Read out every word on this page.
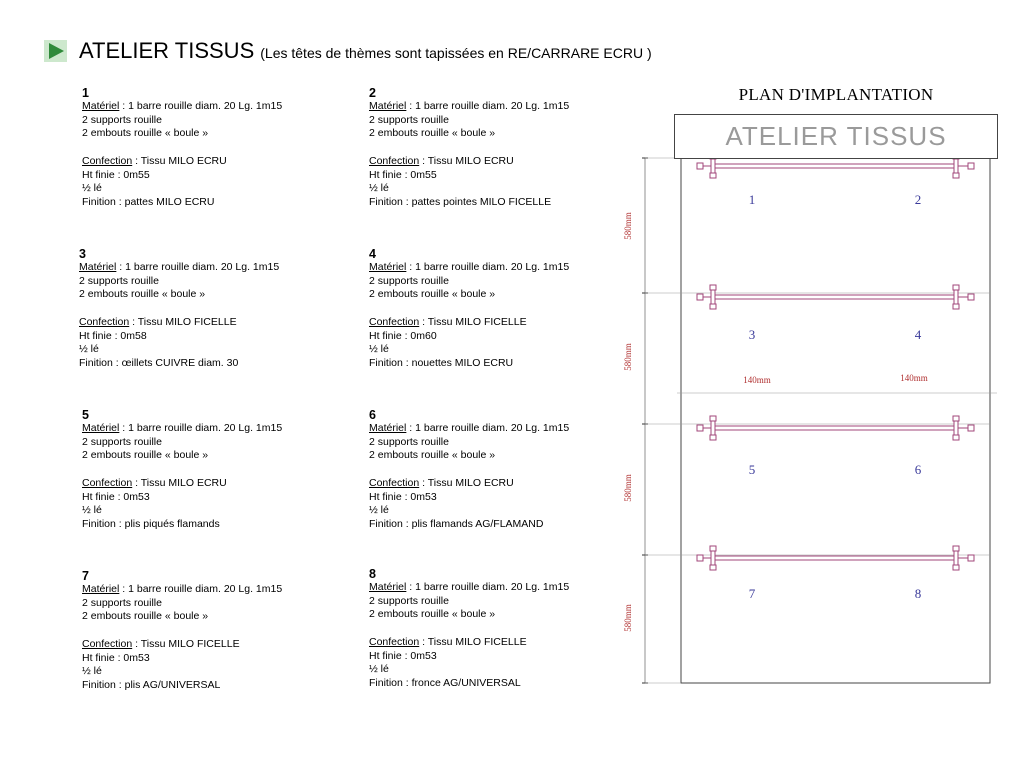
ATELIER TISSUS (Les têtes de thèmes sont tapissées en RE/CARRARE ECRU )
1
Matériel : 1 barre rouille diam. 20 Lg. 1m15
2 supports rouille
2 embouts rouille « boule »
Confection : Tissu MILO ECRU
Ht finie : 0m55
½ lé
Finition : pattes MILO ECRU
2
Matériel : 1 barre rouille diam. 20 Lg. 1m15
2 supports rouille
2 embouts rouille « boule »
Confection : Tissu MILO ECRU
Ht finie : 0m55
½ lé
Finition : pattes pointes MILO FICELLE
3
Matériel : 1 barre rouille diam. 20 Lg. 1m15
2 supports rouille
2 embouts rouille « boule »
Confection : Tissu MILO FICELLE
Ht finie : 0m58
½ lé
Finition : œillets CUIVRE diam. 30
4
Matériel : 1 barre rouille diam. 20 Lg. 1m15
2 supports rouille
2 embouts rouille « boule »
Confection : Tissu MILO FICELLE
Ht finie : 0m60
½ lé
Finition : nouettes MILO ECRU
5
Matériel : 1 barre rouille diam. 20 Lg. 1m15
2 supports rouille
2 embouts rouille « boule »
Confection : Tissu MILO ECRU
Ht finie : 0m53
½ lé
Finition : plis piqués flamands
6
Matériel : 1 barre rouille diam. 20 Lg. 1m15
2 supports rouille
2 embouts rouille « boule »
Confection : Tissu MILO ECRU
Ht finie : 0m53
½ lé
Finition : plis flamands AG/FLAMAND
7
Matériel : 1 barre rouille diam. 20 Lg. 1m15
2 supports rouille
2 embouts rouille « boule »
Confection : Tissu MILO FICELLE
Ht finie : 0m53
½ lé
Finition : plis AG/UNIVERSAL
8
Matériel : 1 barre rouille diam. 20 Lg. 1m15
2 supports rouille
2 embouts rouille « boule »
Confection : Tissu MILO FICELLE
Ht finie : 0m53
½ lé
Finition : fronce AG/UNIVERSAL
580mm
580mm
580mm
580mm
140mm	140mm
1	2
3	4
5	6
7	8
PLAN D'IMPLANTATION
ATELIER TISSUS
